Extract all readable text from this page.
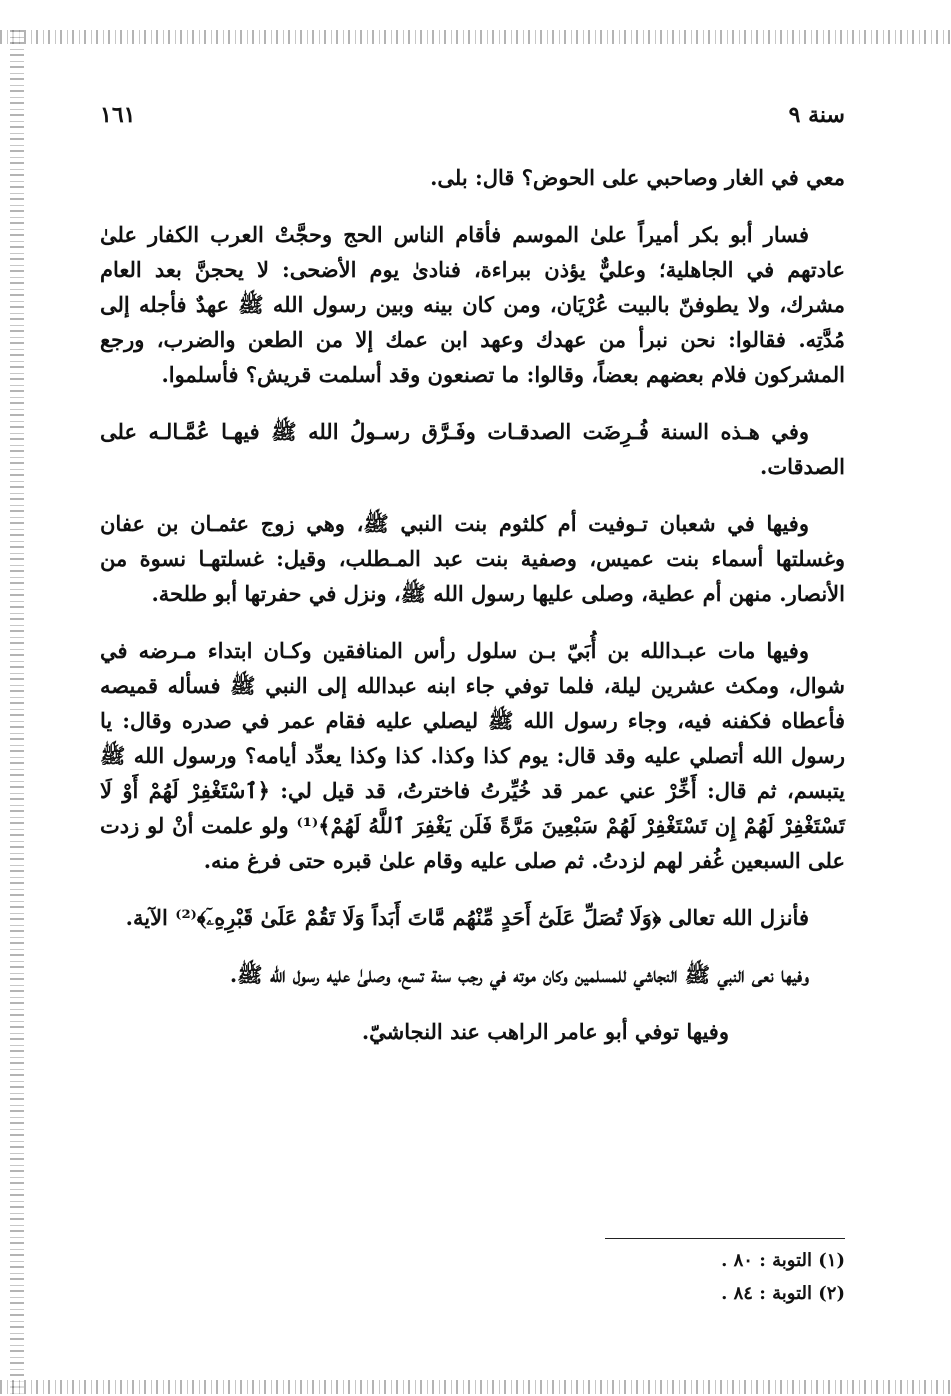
سنة ٩
١٦١

معي في الغار وصاحبي على الحوض؟ قال: بلى.

فسار أبو بكر أميراً علىٰ الموسم فأقام الناس الحج وحجَّتْ العرب الكفار علىٰ عادتهم في الجاهلية؛ وعليٌّ يؤذن ببراءة، فنادىٰ يوم الأضحى: لا يحجنَّ بعد العام مشرك، ولا يطوفنّ بالبيت عُرْيَان، ومن كان بينه وبين رسول الله ﷺ عهدٌ فأجله إلى مُدَّتِه. فقالوا: نحن نبرأ من عهدك وعهد ابن عمك إلا من الطعن والضرب، ورجع المشركون فلام بعضهم بعضاً، وقالوا: ما تصنعون وقد أسلمت قريش؟ فأسلموا.

وفي هـذه السنة فُـرِضَت الصدقـات وفَـرَّق رسـولُ الله ﷺ فيهـا عُمَّـالـه على الصدقات.

وفيها في شعبان تـوفيت أم كلثوم بنت النبي ﷺ، وهي زوج عثمـان بن عفان وغسلتها أسماء بنت عميس، وصفية بنت عبد المـطلب، وقيل: غسلتهـا نسوة من الأنصار. منهن أم عطية، وصلى عليها رسول الله ﷺ، ونزل في حفرتها أبو طلحة.

وفيها مات عبـدالله بن أُبَيّ بـن سلول رأس المنافقين وكـان ابتداء مـرضه في شوال، ومكث عشرين ليلة، فلما توفي جاء ابنه عبدالله إلى النبي ﷺ فسأله قميصه فأعطاه فكفنه فيه، وجاء رسول الله ﷺ ليصلي عليه فقام عمر في صدره وقال: يا رسول الله أتصلي عليه وقد قال: يوم كذا وكذا. كذا وكذا يعدِّد أيامه؟ ورسول الله ﷺ يتبسم، ثم قال: أَخِّرْ عني عمر قد خُيِّرتُ فاخترتُ، قد قيل لي: ﴿ٱسْتَغْفِرْ لَهُمْ أَوْ لَا تَسْتَغْفِرْ لَهُمْ إِن تَسْتَغْفِرْ لَهُمْ سَبْعِينَ مَرَّةً فَلَن يَغْفِرَ ٱللَّهُ لَهُمْ﴾⁽¹⁾ ولو علمت أنْ لو زدت على السبعين غُفر لهم لزدتُ. ثم صلى عليه وقام علىٰ قبره حتى فرغ منه.

فأنزل الله تعالى ﴿وَلَا تُصَلِّ عَلَىٰٓ أَحَدٍ مِّنْهُم مَّاتَ أَبَداً وَلَا تَقُمْ عَلَىٰ قَبْرِهِۦٓ﴾⁽²⁾ الآية.

وفيها نعى النبي ﷺ النجاشي للمسلمين وكان موته في رجب سنة تسع، وصلىٰ عليه رسول الله ﷺ.

وفيها توفي أبو عامر الراهب عند النجاشيّ.

(١) التوبة : ٨٠ .

(٢) التوبة : ٨٤ .
